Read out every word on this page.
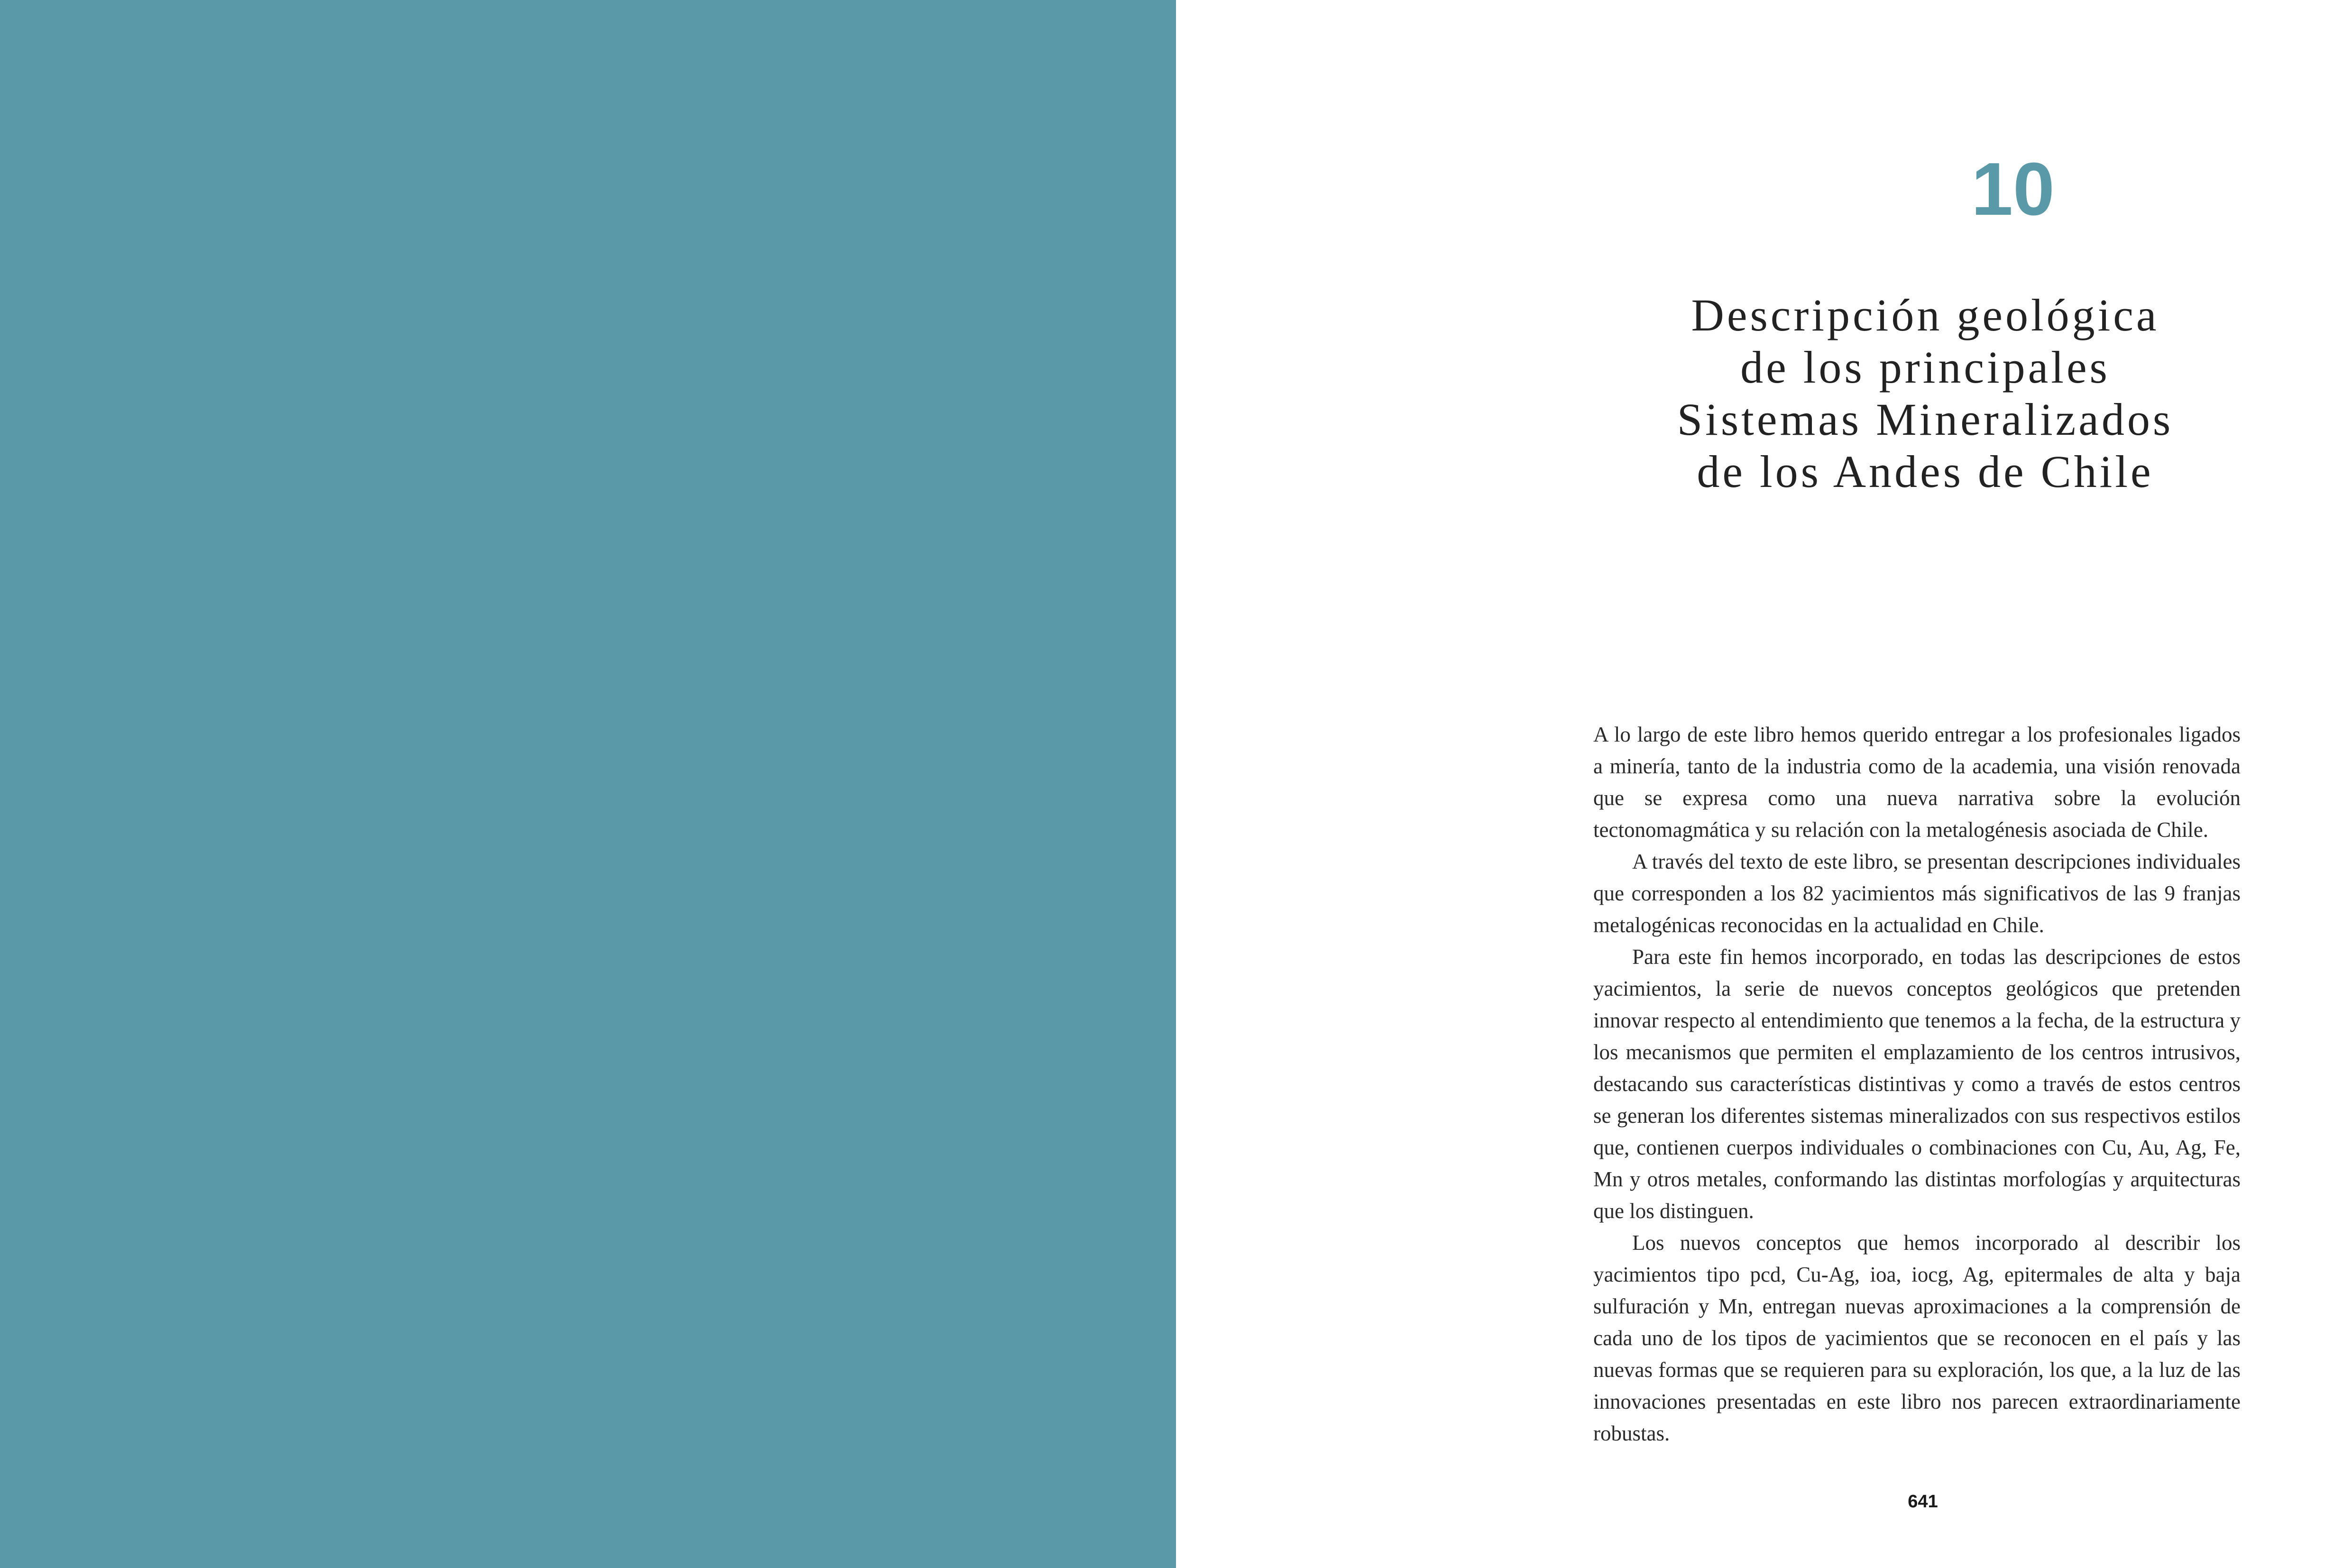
10
Descripción geológica
de los principales
Sistemas Mineralizados
de los Andes de Chile

A lo largo de este libro hemos querido entregar a los profesionales ligados a minería, tanto de la industria como de la academia, una visión renovada que se expresa como una nueva narrativa sobre la evolución tectonomagmática y su relación con la metalogénesis asociada de Chile.

A través del texto de este libro, se presentan descripciones individuales que corresponden a los 82 yacimientos más significativos de las 9 franjas metalogénicas reconocidas en la actualidad en Chile.

Para este fin hemos incorporado, en todas las descripciones de estos yacimientos, la serie de nuevos conceptos geológicos que pretenden innovar respecto al entendimiento que tenemos a la fecha, de la estructura y los mecanismos que permiten el emplazamiento de los centros intrusivos, destacando sus características distintivas y como a través de estos centros se generan los diferentes sistemas mineralizados con sus respectivos estilos que, contienen cuerpos individuales o combinaciones con Cu, Au, Ag, Fe, Mn y otros metales, conformando las distintas morfologías y arquitecturas que los distinguen.

Los nuevos conceptos que hemos incorporado al describir los yacimientos tipo pcd, Cu-Ag, ioa, iocg, Ag, epitermales de alta y baja sulfuración y Mn, entregan nuevas aproximaciones a la comprensión de cada uno de los tipos de yacimientos que se reconocen en el país y las nuevas formas que se requieren para su exploración, los que, a la luz de las innovaciones presentadas en este libro nos parecen extraordinariamente robustas.

641
